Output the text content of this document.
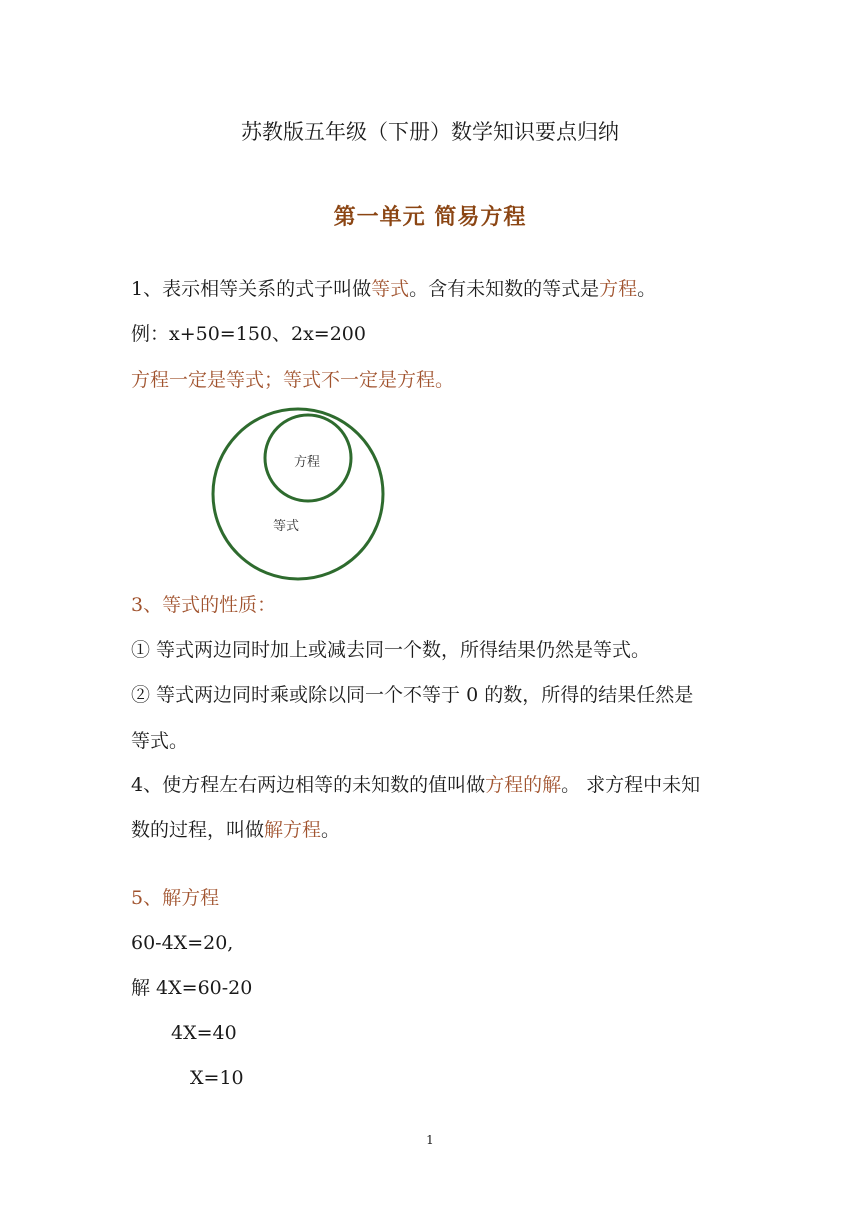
苏教版五年级（下册）数学知识要点归纳

第一单元 简易方程

1、表示相等关系的式子叫做等式。含有未知数的等式是方程。

例：x+50=150、2x=200

方程一定是等式；等式不一定是方程。

方程
等式

3、等式的性质：

① 等式两边同时加上或减去同一个数，所得结果仍然是等式。

② 等式两边同时乘或除以同一个不等于 0 的数，所得的结果任然是

等式。

4、使方程左右两边相等的未知数的值叫做方程的解。 求方程中未知

数的过程，叫做解方程。

5、解方程

60-4X=20,

解 4X=60-20

4X=40

X=10

1
